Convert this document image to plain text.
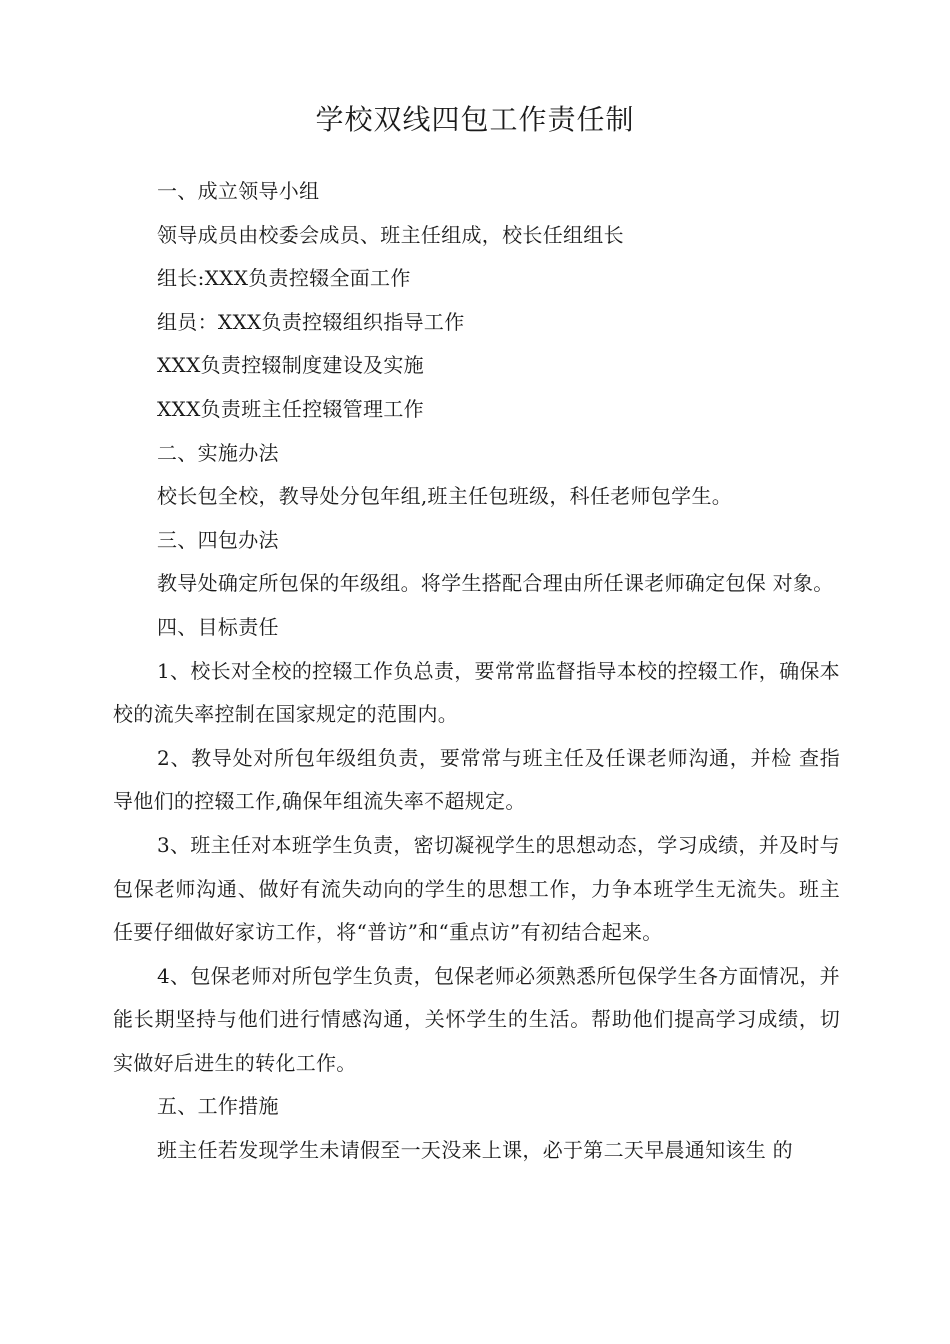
学校双线四包工作责任制

一、成立领导小组

领导成员由校委会成员、班主任组成，校长任组组长

组长:XXX负责控辍全面工作

组员：XXX负责控辍组织指导工作

XXX负责控辍制度建设及实施

XXX负责班主任控辍管理工作

二、实施办法

校长包全校，教导处分包年组,班主任包班级，科任老师包学生。

三、四包办法

教导处确定所包保的年级组。将学生搭配合理由所任课老师确定包保 对象。

四、目标责任

1、校长对全校的控辍工作负总责，要常常监督指导本校的控辍工作，确保本校的流失率控制在国家规定的范围内。

2、教导处对所包年级组负责，要常常与班主任及任课老师沟通，并检 查指导他们的控辍工作,确保年组流失率不超规定。

3、班主任对本班学生负责，密切凝视学生的思想动态，学习成绩，并及时与包保老师沟通、做好有流失动向的学生的思想工作，力争本班学生无流失。班主任要仔细做好家访工作，将“普访”和“重点访”有初结合起来。

4、包保老师对所包学生负责，包保老师必须熟悉所包保学生各方面情况，并能长期坚持与他们进行情感沟通，关怀学生的生活。帮助他们提高学习成绩，切实做好后进生的转化工作。

五、工作措施

班主任若发现学生未请假至一天没来上课，必于第二天早晨通知该生 的
